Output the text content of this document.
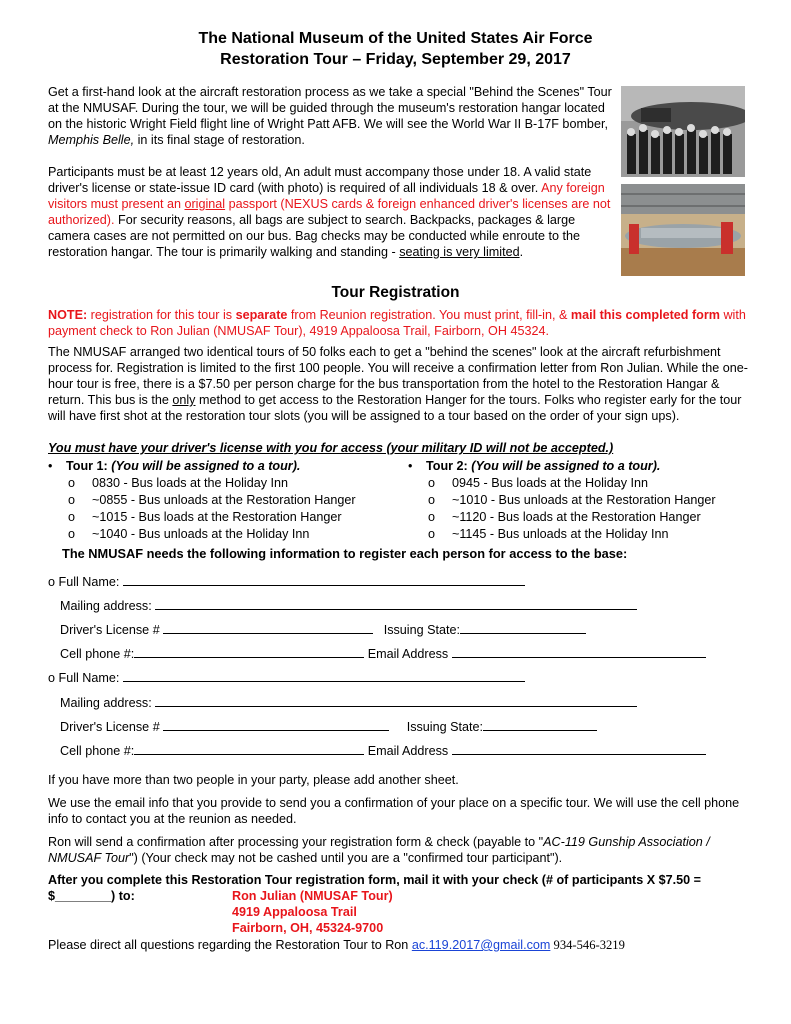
The National Museum of the United States Air Force
Restoration Tour – Friday, September 29, 2017

Get a first-hand look at the aircraft restoration process as we take a special "Behind the Scenes" Tour at the NMUSAF. During the tour, we will be guided through the museum's restoration hangar located on the historic Wright Field flight line of Wright Patt AFB. We will see the World War II B-17F bomber, Memphis Belle, in its final stage of restoration.

Participants must be at least 12 years old, An adult must accompany those under 18. A valid state driver's license or state-issue ID card (with photo) is required of all individuals 18 & over. Any foreign visitors must present an original passport (NEXUS cards & foreign enhanced driver's licenses are not authorized). For security reasons, all bags are subject to search. Backpacks, packages & large camera cases are not permitted on our bus. Bag checks may be conducted while enroute to the restoration hangar. The tour is primarily walking and standing - seating is very limited.

Tour Registration

NOTE: registration for this tour is separate from Reunion registration. You must print, fill-in, & mail this completed form with payment check to Ron Julian (NMUSAF Tour), 4919 Appaloosa Trail, Fairborn, OH 45324.

The NMUSAF arranged two identical tours of 50 folks each to get a "behind the scenes" look at the aircraft refurbishment process for. Registration is limited to the first 100 people. You will receive a confirmation letter from Ron Julian. While the one-hour tour is free, there is a $7.50 per person charge for the bus transportation from the hotel to the Restoration Hangar & return. This bus is the only method to get access to the Restoration Hanger for the tours. Folks who register early for the tour will have first shot at the restoration tour slots (you will be assigned to a tour based on the order of your sign ups).

You must have your driver's license with you for access (your military ID will not be accepted.)
• Tour 1: (You will be assigned to a tour).
o 0830 - Bus loads at the Holiday Inn
o ~0855 - Bus unloads at the Restoration Hanger
o ~1015 - Bus loads at the Restoration Hanger
o ~1040 - Bus unloads at the Holiday Inn
• Tour 2: (You will be assigned to a tour).
o 0945 - Bus loads at the Holiday Inn
o ~1010 - Bus unloads at the Restoration Hanger
o ~1120 - Bus loads at the Restoration Hanger
o ~1145 - Bus unloads at the Holiday Inn
The NMUSAF needs the following information to register each person for access to the base:
o Full Name:
Mailing address:
Driver's License #	Issuing State:
Cell phone #:	Email Address
o Full Name:
Mailing address:
Driver's License #	Issuing State:
Cell phone #:	Email Address

If you have more than two people in your party, please add another sheet.

We use the email info that you provide to send you a confirmation of your place on a specific tour. We will use the cell phone info to contact you at the reunion as needed.

Ron will send a confirmation after processing your registration form & check (payable to "AC-119 Gunship Association / NMUSAF Tour") (Your check may not be cashed until you are a "confirmed tour participant").

After you complete this Restoration Tour registration form, mail it with your check (# of participants X $7.50 = $________) to:	Ron Julian (NMUSAF Tour)
4919 Appaloosa Trail
Fairborn, OH, 45324-9700

Please direct all questions regarding the Restoration Tour to Ron ac.119.2017@gmail.com 934-546-3219
